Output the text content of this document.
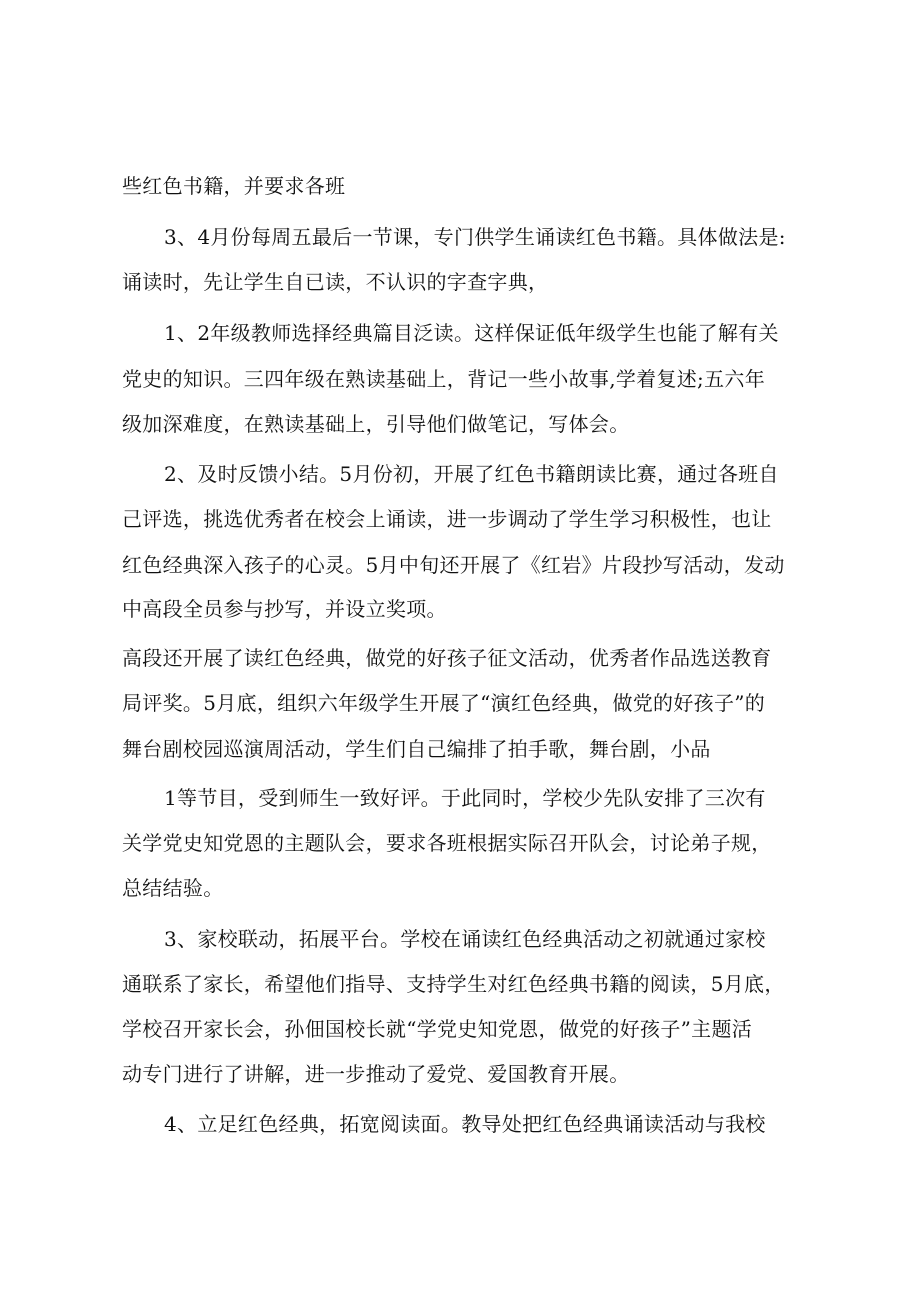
些红色书籍，并要求各班
3、4月份每周五最后一节课，专门供学生诵读红色书籍。具体做法是:
诵读时，先让学生自已读，不认识的字查字典，
1、2年级教师选择经典篇目泛读。这样保证低年级学生也能了解有关
党史的知识。三四年级在熟读基础上，背记一些小故事,学着复述;五六年
级加深难度，在熟读基础上，引导他们做笔记，写体会。
2、及时反馈小结。5月份初，开展了红色书籍朗读比赛，通过各班自
己评选，挑选优秀者在校会上诵读，进一步调动了学生学习积极性，也让
红色经典深入孩子的心灵。5月中旬还开展了《红岩》片段抄写活动，发动
中高段全员参与抄写，并设立奖项。
高段还开展了读红色经典，做党的好孩子征文活动，优秀者作品选送教育
局评奖。5月底，组织六年级学生开展了“演红色经典，做党的好孩子”的
舞台剧校园巡演周活动，学生们自己编排了拍手歌，舞台剧，小品
1等节目，受到师生一致好评。于此同时，学校少先队安排了三次有
关学党史知党恩的主题队会，要求各班根据实际召开队会，讨论弟子规，
总结结验。
3、家校联动，拓展平台。学校在诵读红色经典活动之初就通过家校
通联系了家长，希望他们指导、支持学生对红色经典书籍的阅读，5月底，
学校召开家长会，孙佃国校长就“学党史知党恩，做党的好孩子”主题活
动专门进行了讲解，进一步推动了爱党、爱国教育开展。
4、立足红色经典，拓宽阅读面。教导处把红色经典诵读活动与我校
